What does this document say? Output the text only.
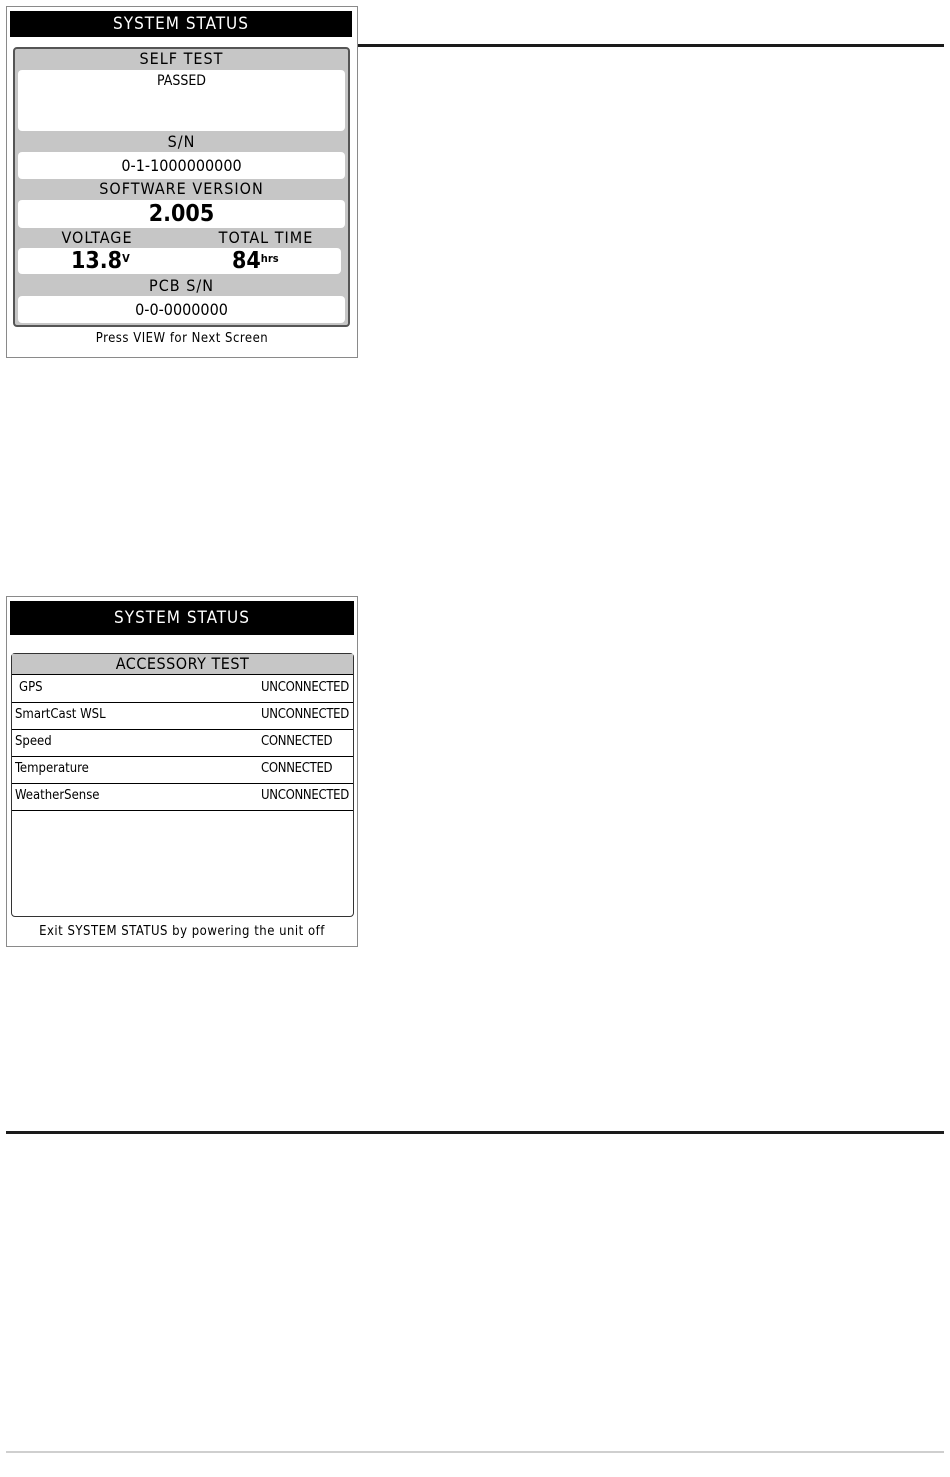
SYSTEM STATUS
SELF TEST
PASSED
S/N
0-1-1000000000
SOFTWARE VERSION
2.005
VOLTAGE	TOTAL TIME
$13.8^V$	$84^{hrs}$
PCB S/N
0-0-0000000
Press VIEW for Next Screen
SYSTEM STATUS
ACCESSORY TEST
GPS	UNCONNECTED
SmartCast WSL	UNCONNECTED
Speed	CONNECTED
Temperature	CONNECTED
WeatherSense	UNCONNECTED
Exit SYSTEM STATUS by powering the unit off
